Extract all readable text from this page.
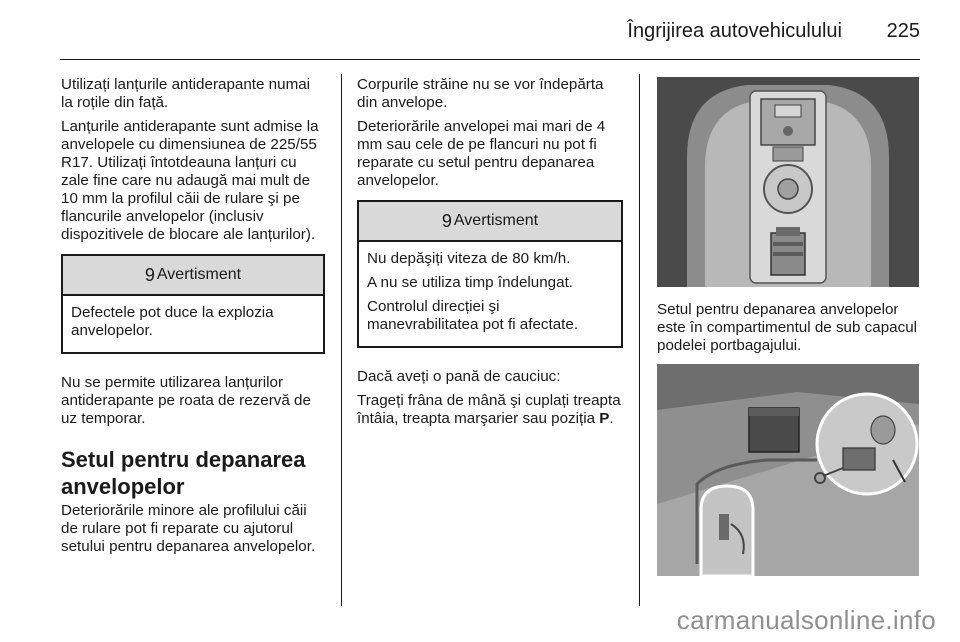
Îngrijirea autovehiculului 225

Utilizați lanțurile antiderapante numai la roțile din față.

Lanțurile antiderapante sunt admise la anvelopele cu dimensiunea de 225/55 R17. Utilizați întotdeauna lanțuri cu zale fine care nu adaugă mai mult de 10 mm la profilul căii de rulare şi pe flancurile anvelopelor (inclusiv dispozitivele de blocare ale lanțurilor).

9 Avertisment

Defectele pot duce la explozia anvelopelor.

Nu se permite utilizarea lanțurilor antiderapante pe roata de rezervă de uz temporar.

Setul pentru depanarea anvelopelor

Deteriorările minore ale profilului căii de rulare pot fi reparate cu ajutorul setului pentru depanarea anvelopelor.

Corpurile străine nu se vor îndepărta din anvelope.

Deteriorările anvelopei mai mari de 4 mm sau cele de pe flancuri nu pot fi reparate cu setul pentru depanarea anvelopelor.

9 Avertisment

Nu depăşiți viteza de 80 km/h.

A nu se utiliza timp îndelungat.

Controlul direcției şi manevrabilitatea pot fi afectate.

Dacă aveți o pană de cauciuc:

Trageți frâna de mână şi cuplați treapta întâia, treapta marşarier sau poziția P.

Setul pentru depanarea anvelopelor este în compartimentul de sub capacul podelei portbagajului.
carmanualsonline.info
